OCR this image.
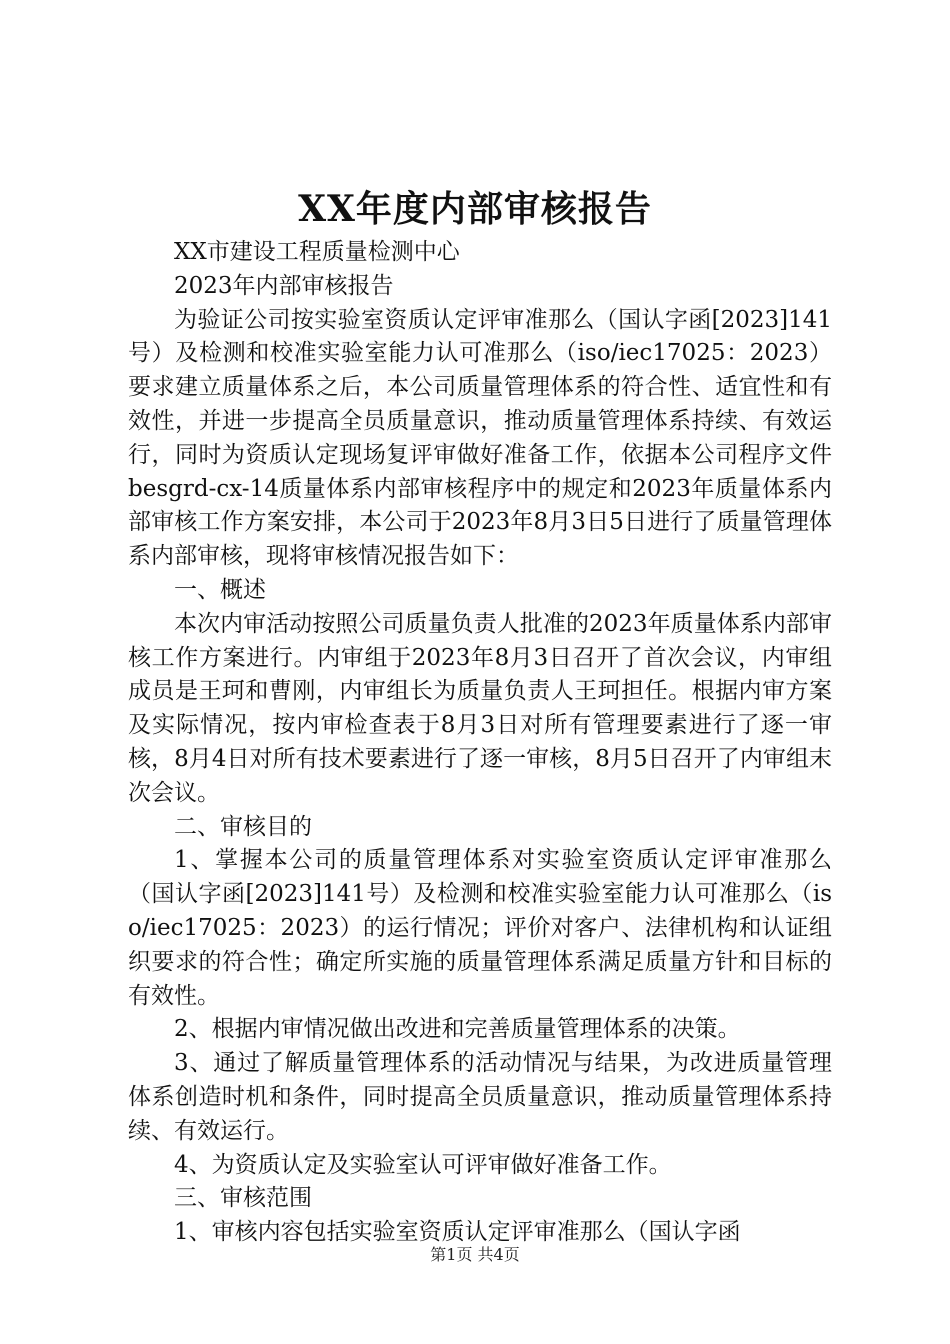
XX年度内部审核报告

XX市建设工程质量检测中心

2023年内部审核报告

为验证公司按实验室资质认定评审准那么（国认字函[2023]141号）及检测和校准实验室能力认可准那么（iso/iec17025：2023）要求建立质量体系之后，本公司质量管理体系的符合性、适宜性和有效性，并进一步提高全员质量意识，推动质量管理体系持续、有效运行，同时为资质认定现场复评审做好准备工作，依据本公司程序文件besgrd-cx-14质量体系内部审核程序中的规定和2023年质量体系内部审核工作方案安排，本公司于2023年8月3日5日进行了质量管理体系内部审核，现将审核情况报告如下：

一、概述

本次内审活动按照公司质量负责人批准的2023年质量体系内部审核工作方案进行。内审组于2023年8月3日召开了首次会议，内审组成员是王珂和曹刚，内审组长为质量负责人王珂担任。根据内审方案及实际情况，按内审检查表于8月3日对所有管理要素进行了逐一审核，8月4日对所有技术要素进行了逐一审核，8月5日召开了内审组末次会议。

二、审核目的

1、掌握本公司的质量管理体系对实验室资质认定评审准那么（国认字函[2023]141号）及检测和校准实验室能力认可准那么（iso/iec17025：2023）的运行情况；评价对客户、法律机构和认证组织要求的符合性；确定所实施的质量管理体系满足质量方针和目标的有效性。

2、根据内审情况做出改进和完善质量管理体系的决策。

3、通过了解质量管理体系的活动情况与结果，为改进质量管理体系创造时机和条件，同时提高全员质量意识，推动质量管理体系持续、有效运行。

4、为资质认定及实验室认可评审做好准备工作。

三、审核范围

1、审核内容包括实验室资质认定评审准那么（国认字函

第1页 共4页
